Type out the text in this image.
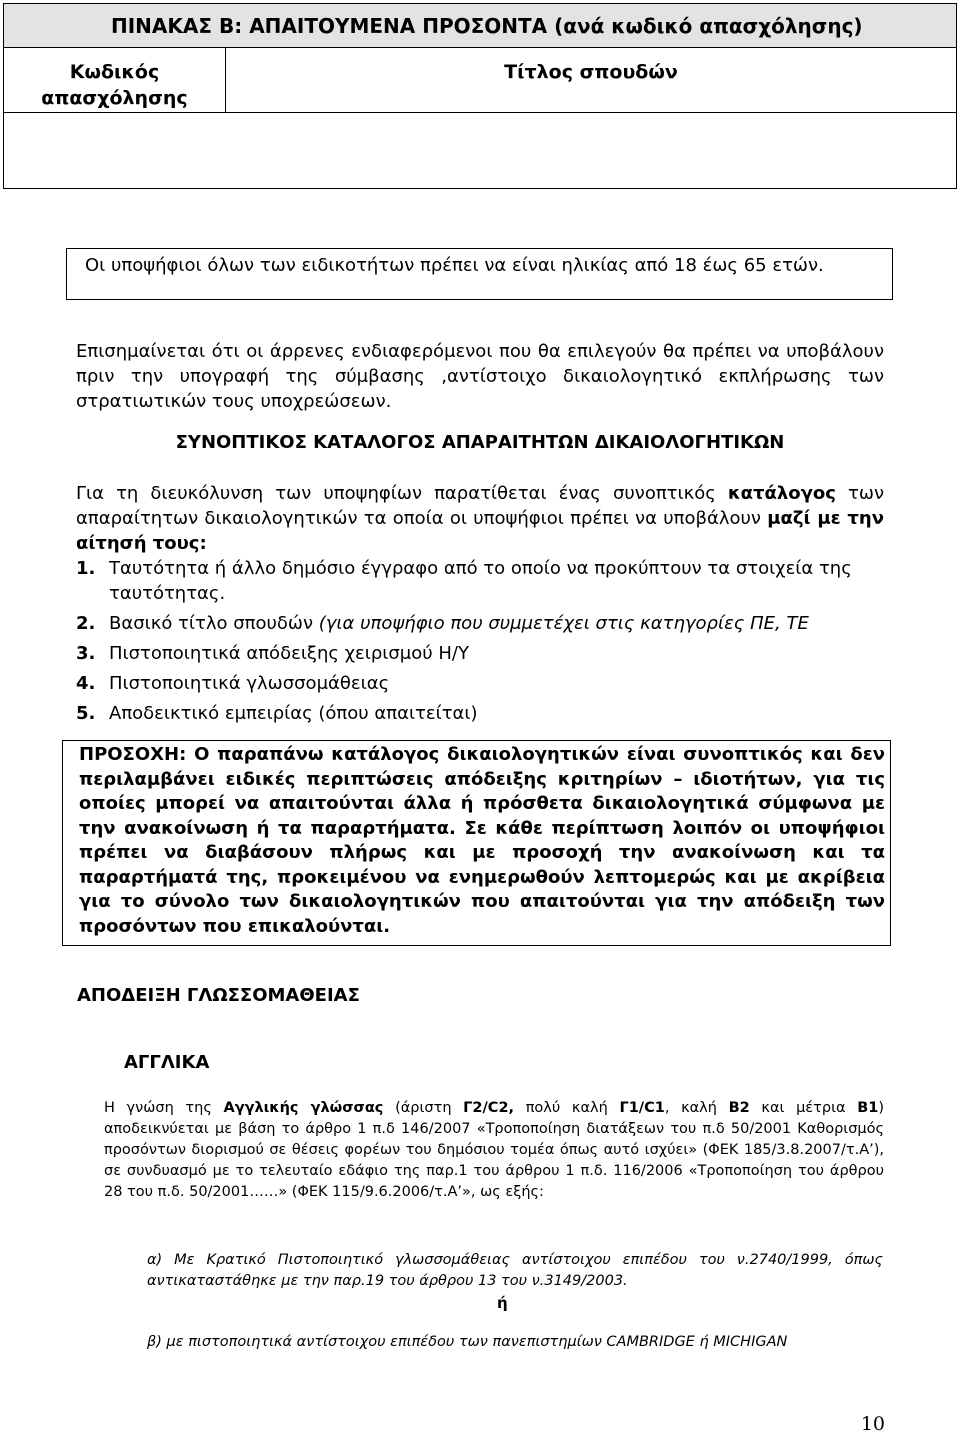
ΠΙΝΑΚΑΣ Β: ΑΠΑΙΤΟΥΜΕΝΑ ΠΡΟΣΟΝΤΑ (ανά κωδικό απασχόλησης)
Κωδικός
απασχόλησης
Τίτλος σπουδών
Οι υποψήφιοι όλων των ειδικοτήτων πρέπει να είναι ηλικίας από 18 έως 65 ετών.
Επισημαίνεται ότι οι άρρενες ενδιαφερόμενοι που θα επιλεγούν θα πρέπει να υποβάλουν πριν την υπογραφή της σύμβασης ,αντίστοιχο δικαιολογητικό εκπλήρωσης των στρατιωτικών τους υποχρεώσεων.
ΣΥΝΟΠΤΙΚΟΣ ΚΑΤΑΛΟΓΟΣ ΑΠΑΡΑΙΤΗΤΩΝ ΔΙΚΑΙΟΛΟΓΗΤΙΚΩΝ
Για τη διευκόλυνση των υποψηφίων παρατίθεται ένας συνοπτικός κατάλογος των απαραίτητων δικαιολογητικών τα οποία οι υποψήφιοι πρέπει να υποβάλουν μαζί με την αίτησή τους:
1. Ταυτότητα ή άλλο δημόσιο έγγραφο από το οποίο να προκύπτουν τα στοιχεία της ταυτότητας.
2. Βασικό τίτλο σπουδών (για υποψήφιο που συμμετέχει στις κατηγορίες ΠΕ, ΤΕ
3. Πιστοποιητικά απόδειξης χειρισμού Η/Υ
4. Πιστοποιητικά γλωσσομάθειας
5. Αποδεικτικό εμπειρίας (όπου απαιτείται)
ΠΡΟΣΟΧΗ: Ο παραπάνω κατάλογος δικαιολογητικών είναι συνοπτικός και δεν περιλαμβάνει ειδικές περιπτώσεις απόδειξης κριτηρίων – ιδιοτήτων, για τις οποίες μπορεί να απαιτούνται άλλα ή πρόσθετα δικαιολογητικά σύμφωνα με την ανακοίνωση ή τα παραρτήματα. Σε κάθε περίπτωση λοιπόν οι υποψήφιοι πρέπει να διαβάσουν πλήρως και με προσοχή την ανακοίνωση και τα παραρτήματά της, προκειμένου να ενημερωθούν λεπτομερώς και με ακρίβεια για το σύνολο των δικαιολογητικών που απαιτούνται για την απόδειξη των προσόντων που επικαλούνται.
ΑΠΟΔΕΙΞΗ ΓΛΩΣΣΟΜΑΘΕΙΑΣ
ΑΓΓΛΙΚΑ
Η γνώση της Αγγλικής γλώσσας (άριστη Γ2/C2, πολύ καλή Γ1/C1, καλή Β2 και μέτρια Β1) αποδεικνύεται με βάση το άρθρο 1 π.δ 146/2007 «Τροποποίηση διατάξεων του π.δ 50/2001 Καθορισμός προσόντων διορισμού σε θέσεις φορέων του δημόσιου τομέα όπως αυτό ισχύει» (ΦΕΚ 185/3.8.2007/τ.Α’), σε συνδυασμό με το τελευταίο εδάφιο της παρ.1 του άρθρου 1 π.δ. 116/2006 «Τροποποίηση του άρθρου 28 του π.δ. 50/2001……» (ΦΕΚ 115/9.6.2006/τ.Α’», ως εξής:
α) Με Κρατικό Πιστοποιητικό γλωσσομάθειας αντίστοιχου επιπέδου του ν.2740/1999, όπως αντικαταστάθηκε με την παρ.19 του άρθρου 13 του ν.3149/2003.
ή
β) με πιστοποιητικά αντίστοιχου επιπέδου των πανεπιστημίων CAMBRIDGE ή MICHIGAN
10
